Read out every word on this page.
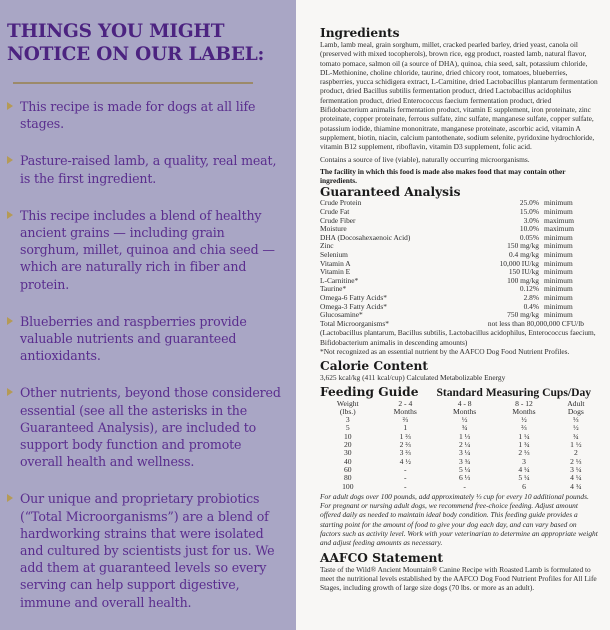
THINGS YOU MIGHT
NOTICE ON OUR LABEL:
This recipe is made for dogs at all life stages.
Pasture-raised lamb, a quality, real meat, is the first ingredient.
This recipe includes a blend of healthy ancient grains — including grain sorghum, millet, quinoa and chia seed — which are naturally rich in fiber and protein.
Blueberries and raspberries provide valuable nutrients and guaranteed antioxidants.
Other nutrients, beyond those considered essential (see all the asterisks in the Guaranteed Analysis), are included to support body function and promote overall health and wellness.
Our unique and proprietary probiotics (“Total Microorganisms”) are a blend of hardworking strains that were isolated and cultured by scientists just for us. We add them at guaranteed levels so every serving can help support digestive, immune and overall health.
Ingredients

Lamb, lamb meal, grain sorghum, millet, cracked pearled barley, dried yeast, canola oil (preserved with mixed tocopherols), brown rice, egg product, roasted lamb, natural flavor, tomato pomace, salmon oil (a source of DHA), quinoa, chia seed, salt, potassium chloride, DL-Methionine, choline chloride, taurine, dried chicory root, tomatoes, blueberries, raspberries, yucca schidigera extract, L-Carnitine, dried Lactobacillus plantarum fermentation product, dried Bacillus subtilis fermentation product, dried Lactobacillus acidophilus fermentation product, dried Enterococcus faecium fermentation product, dried Bifidobacterium animalis fermentation product, vitamin E supplement, iron proteinate, zinc proteinate, copper proteinate, ferrous sulfate, zinc sulfate, manganese sulfate, copper sulfate, potassium iodide, thiamine mononitrate, manganese proteinate, ascorbic acid, vitamin A supplement, biotin, niacin, calcium pantothenate, sodium selenite, pyridoxine hydrochloride, vitamin B12 supplement, riboflavin, vitamin D3 supplement, folic acid.

Contains a source of live (viable), naturally occurring microorganisms.

The facility in which this food is made also makes food that may contain other ingredients.

Guaranteed Analysis
Crude Protein	25.0%	minimum
Crude Fat	15.0%	minimum
Crude Fiber	3.0%	maximum
Moisture	10.0%	maximum
DHA (Docosahexaenoic Acid)	0.05%	minimum
Zinc	150 mg/kg	minimum
Selenium	0.4 mg/kg	minimum
Vitamin A	10,000 IU/kg	minimum
Vitamin E	150 IU/kg	minimum
L-Carnitine*	100 mg/kg	minimum
Taurine*	0.12%	minimum
Omega-6 Fatty Acids*	2.8%	minimum
Omega-3 Fatty Acids*	0.4%	minimum
Glucosamine*	750 mg/kg	minimum
Total Microorganisms*	not less than 80,000,000 CFU/lb

(Lactobacillus plantarum, Bacillus subtilis, Lactobacillus acidophilus, Enterococcus faecium, Bifidobacterium animalis in descending amounts)

*Not recognized as an essential nutrient by the AAFCO Dog Food Nutrient Profiles.

Calorie Content

3,625 kcal/kg (411 kcal/cup) Calculated Metabolizable Energy

Feeding Guide Standard Measuring Cups/Day
Weight	2 - 4	4 - 8	8 - 12	Adult
(lbs.)	Months	Months	Months	Dogs
3	⅔	½	½	⅓
5	1	¾	⅔	½
10	1 ⅔	1 ⅓	1 ¼	¾
20	2 ⅔	2 ¼	1 ¾	1 ½
30	3 ⅔	3 ¼	2 ⅓	2
40	4 ½	3 ¾	3	2 ⅓
60	-	5 ¼	4 ¼	3 ¼
80	-	6 ⅓	5 ¼	4 ¼
100	-	-	6	4 ¾

For adult dogs over 100 pounds, add approximately ⅓ cup for every 10 additional pounds. For pregnant or nursing adult dogs, we recommend free-choice feeding. Adjust amount offered daily as needed to maintain ideal body condition. This feeding guide provides a starting point for the amount of food to give your dog each day, and can vary based on factors such as activity level. Work with your veterinarian to determine an appropriate weight and adjust feeding amounts as necessary.

AAFCO Statement

Taste of the Wild® Ancient Mountain® Canine Recipe with Roasted Lamb is formulated to meet the nutritional levels established by the AAFCO Dog Food Nutrient Profiles for All Life Stages, including growth of large size dogs (70 lbs. or more as an adult).
